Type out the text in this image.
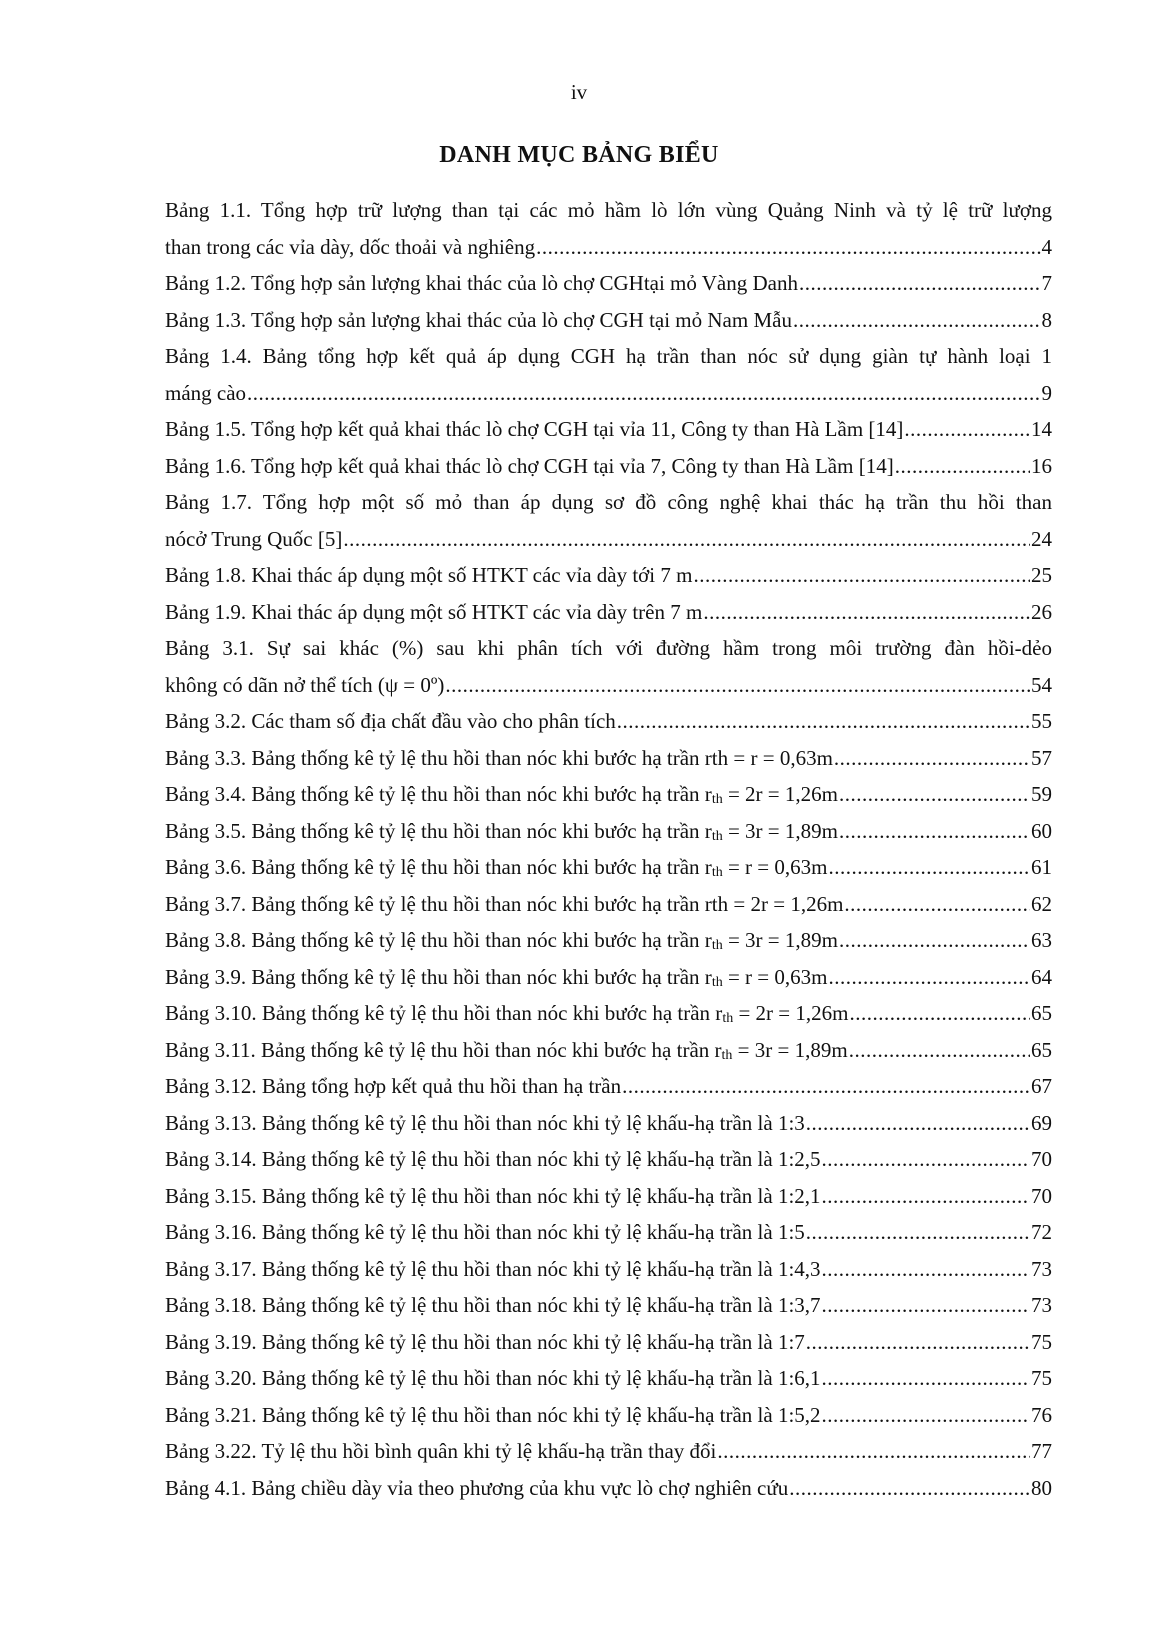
iv
DANH MỤC BẢNG BIỂU
Bảng 1.1. Tổng hợp trữ lượng than tại các mỏ hầm lò lớn vùng Quảng Ninh và tỷ lệ trữ lượng
than trong các vỉa dày, dốc thoải và nghiêng .....	4
Bảng 1.2. Tổng hợp sản lượng khai thác của lò chợ CGHtại mỏ Vàng Danh .....	7
Bảng 1.3. Tổng hợp sản lượng khai thác của lò chợ CGH tại mỏ Nam Mẫu .....	8
Bảng 1.4. Bảng tổng hợp kết quả áp dụng CGH hạ trần than nóc sử dụng giàn tự hành loại 1
máng cào .....	9
Bảng 1.5. Tổng hợp kết quả khai thác lò chợ CGH tại vỉa 11, Công ty than Hà Lầm [14] .....	14
Bảng 1.6. Tổng hợp kết quả khai thác lò chợ CGH tại vỉa 7, Công ty than Hà Lầm [14] .....	16
Bảng 1.7. Tổng hợp một số mỏ than áp dụng sơ đồ công nghệ khai thác hạ trần thu hồi than
nócở Trung Quốc [5] .....	24
Bảng 1.8. Khai thác áp dụng một số HTKT các vỉa dày tới 7 m .....	25
Bảng 1.9. Khai thác áp dụng một số HTKT các vỉa dày trên 7 m .....	26
Bảng 3.1. Sự sai khác (%) sau khi phân tích với đường hầm trong môi trường đàn hồi-dẻo
không có dãn nở thể tích (ψ = 0º) .....	54
Bảng 3.2. Các tham số địa chất đầu vào cho phân tích .....	55
Bảng 3.3. Bảng thống kê tỷ lệ thu hồi than nóc khi bước hạ trần rth = r = 0,63m .....	57
Bảng 3.4. Bảng thống kê tỷ lệ thu hồi than nóc khi bước hạ trần $r_{th} = 2r = 1,26m$ .....	59
Bảng 3.5. Bảng thống kê tỷ lệ thu hồi than nóc khi bước hạ trần $r_{th} = 3r = 1,89m$ .....	60
Bảng 3.6. Bảng thống kê tỷ lệ thu hồi than nóc khi bước hạ trần $r_{th} = r = 0,63m$ .....	61
Bảng 3.7. Bảng thống kê tỷ lệ thu hồi than nóc khi bước hạ trần rth = 2r = 1,26m .....	62
Bảng 3.8. Bảng thống kê tỷ lệ thu hồi than nóc khi bước hạ trần $r_{th} = 3r = 1,89m$ .....	63
Bảng 3.9. Bảng thống kê tỷ lệ thu hồi than nóc khi bước hạ trần $r_{th} = r = 0,63m$ .....	64
Bảng 3.10. Bảng thống kê tỷ lệ thu hồi than nóc khi bước hạ trần $r_{th} = 2r = 1,26m$ .....	65
Bảng 3.11. Bảng thống kê tỷ lệ thu hồi than nóc khi bước hạ trần $r_{th} = 3r = 1,89m$ .....	65
Bảng 3.12. Bảng tổng hợp kết quả thu hồi than hạ trần .....	67
Bảng 3.13. Bảng thống kê tỷ lệ thu hồi than nóc khi tỷ lệ khấu-hạ trần là 1:3 .....	69
Bảng 3.14. Bảng thống kê tỷ lệ thu hồi than nóc khi tỷ lệ khấu-hạ trần là 1:2,5 .....	70
Bảng 3.15. Bảng thống kê tỷ lệ thu hồi than nóc khi tỷ lệ khấu-hạ trần là 1:2,1 .....	70
Bảng 3.16. Bảng thống kê tỷ lệ thu hồi than nóc khi tỷ lệ khấu-hạ trần là 1:5 .....	72
Bảng 3.17. Bảng thống kê tỷ lệ thu hồi than nóc khi tỷ lệ khấu-hạ trần là 1:4,3 .....	73
Bảng 3.18. Bảng thống kê tỷ lệ thu hồi than nóc khi tỷ lệ khấu-hạ trần là 1:3,7 .....	73
Bảng 3.19. Bảng thống kê tỷ lệ thu hồi than nóc khi tỷ lệ khấu-hạ trần là 1:7 .....	75
Bảng 3.20. Bảng thống kê tỷ lệ thu hồi than nóc khi tỷ lệ khấu-hạ trần là 1:6,1 .....	75
Bảng 3.21. Bảng thống kê tỷ lệ thu hồi than nóc khi tỷ lệ khấu-hạ trần là 1:5,2 .....	76
Bảng 3.22. Tỷ lệ thu hồi bình quân khi tỷ lệ khấu-hạ trần thay đổi .....	77
Bảng 4.1. Bảng chiều dày vỉa theo phương của khu vực lò chợ nghiên cứu .....	80
